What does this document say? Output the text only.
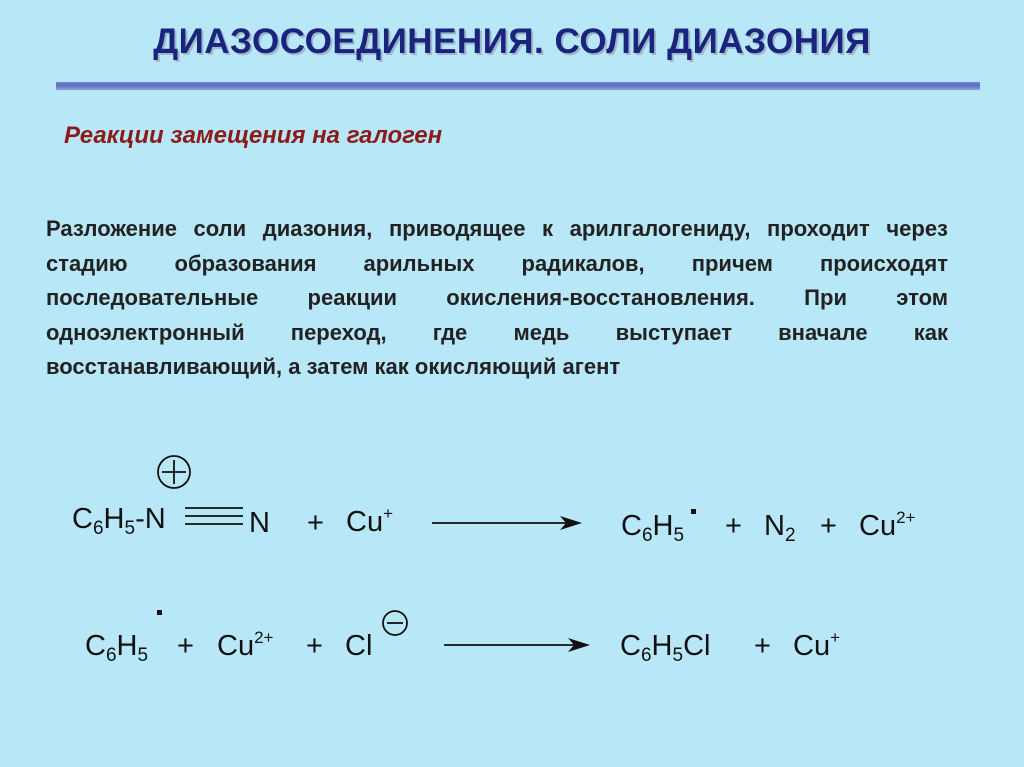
ДИАЗОСОЕДИНЕНИЯ. СОЛИ ДИАЗОНИЯ
Реакции замещения на галоген
Разложение соли диазония, приводящее к арилгалогениду, проходит через стадию образования арильных радикалов, причем происходят последовательные реакции окисления-восстановления. При этом одноэлектронный переход, где медь выступает вначале как восстанавливающий, а затем как окисляющий агент
$C_6H_5-N$	N + Cu+	$C_6H_5 + N_2 + Cu^{2+}$
$C_6H_5 + Cu^{2+} + Cl$	$C_6H_5Cl + Cu^+$
